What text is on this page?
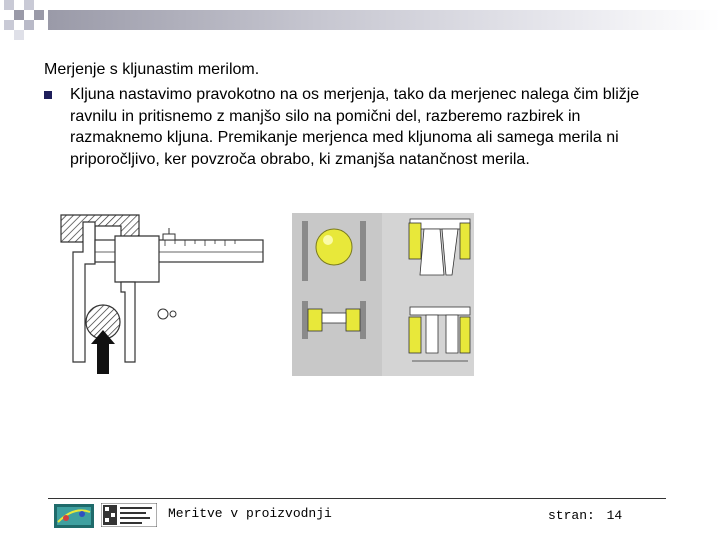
Merjenje s kljunastim merilom.
Kljuna nastavimo pravokotno na os merjenja, tako da merjenec nalega čim bližje ravnilu in pritisnemo z manjšo silo na pomični del, razberemo razbirek in razmaknemo kljuna. Premikanje merjenca med kljunoma ali samega merila ni priporočljivo, ker povzroča obrabo, ki zmanjša natančnost merila.
Meritve v proizvodnji	stran: 14
